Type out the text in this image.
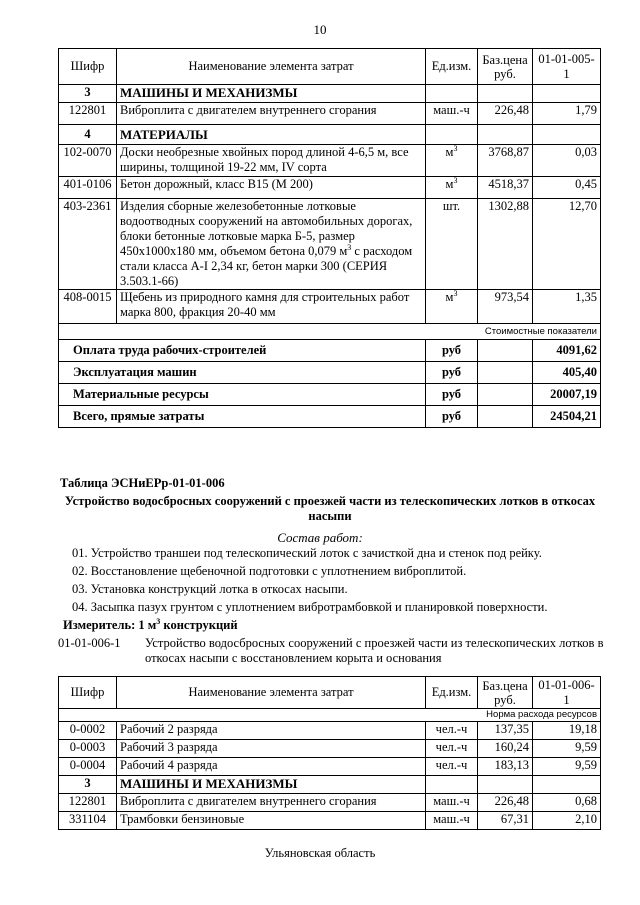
10
Шифр	Наименование элемента затрат	Ед.изм.	Баз.цена руб.	01-01-005-1
3	МАШИНЫ И МЕХАНИЗМЫ			
122801	Виброплита с двигателем внутреннего сгорания	маш.-ч	226,48	1,79
4	МАТЕРИАЛЫ			
102-0070	Доски необрезные хвойных пород длиной 4-6,5 м, все ширины, толщиной 19-22 мм, IV сорта	$м^3$	3768,87	0,03
401-0106	Бетон дорожный, класс В15 (М 200)	$м^3$	4518,37	0,45
403-2361	Изделия сборные железобетонные лотковые водоотводных сооружений на автомобильных дорогах, блоки бетонные лотковые марка Б-5, размер 450х1000х180 мм, объемом бетона 0,079 $м^3$ с расходом стали класса А-I 2,34 кг, бетон марки 300 (СЕРИЯ 3.503.1-66)	шт.	1302,88	12,70
408-0015	Щебень из природного камня для строительных работ марка 800, фракция 20-40 мм	$м^3$	973,54	1,35
Стоимостные показатели				
Оплата труда рабочих-строителей		руб		4091,62
Эксплуатация машин		руб		405,40
Материальные ресурсы		руб		20007,19
Всего, прямые затраты		руб		24504,21
Таблица ЭСНиЕРр-01-01-006
Устройство водосбросных сооружений с проезжей части из телескопических лотков в откосах насыпи
Состав работ:
01. Устройство траншеи под телескопический лоток с зачисткой дна и стенок под рейку.
02. Восстановление щебеночной подготовки с уплотнением виброплитой.
03. Установка конструкций лотка в откосах насыпи.
04. Засыпка пазух грунтом с уплотнением вибротрамбовкой и планировкой поверхности.
Измеритель: 1 $м^3$ конструкций
01-01-006-1 Устройство водосбросных сооружений с проезжей части из телескопических лотков в откосах насыпи с восстановлением корыта и основания
Шифр	Наименование элемента затрат	Ед.изм.	Баз.цена руб.	01-01-006-1
Норма расхода ресурсов				
0-0002	Рабочий 2 разряда	чел.-ч	137,35	19,18
0-0003	Рабочий 3 разряда	чел.-ч	160,24	9,59
0-0004	Рабочий 4 разряда	чел.-ч	183,13	9,59
3	МАШИНЫ И МЕХАНИЗМЫ			
122801	Виброплита с двигателем внутреннего сгорания	маш.-ч	226,48	0,68
331104	Трамбовки бензиновые	маш.-ч	67,31	2,10
Ульяновская область
